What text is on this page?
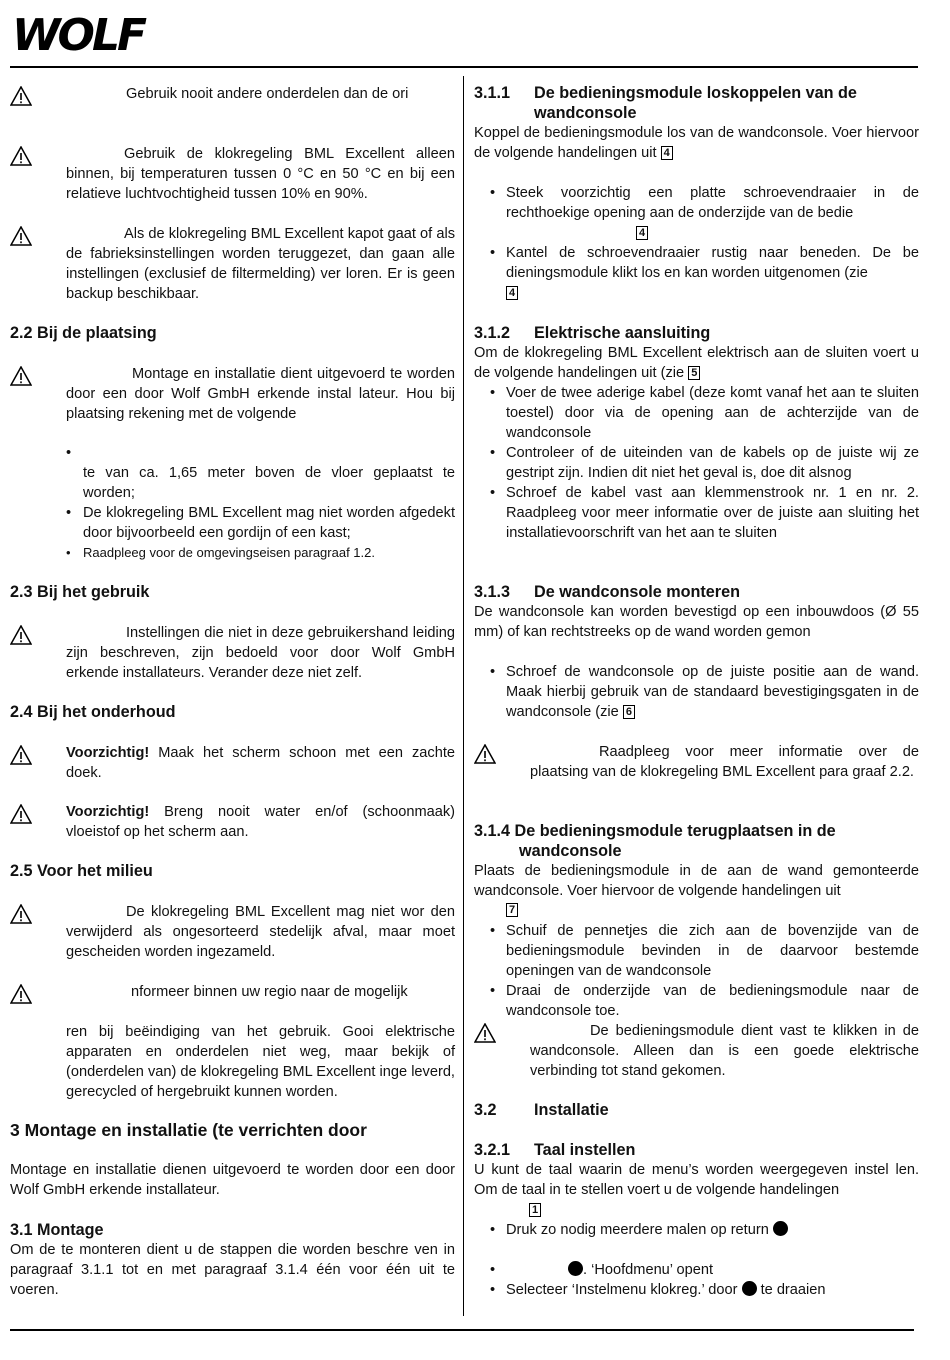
WOLF
Gebruik nooit andere onderdelen dan de ori
Gebruik de klokregeling BML Excellent alleen binnen, bij temperaturen tussen 0 °C en 50 °C en bij een relatieve luchtvochtigheid tussen 10% en 90%.
Als de klokregeling BML Excellent kapot gaat of als de fabrieksinstellingen worden teruggezet, dan gaan alle instellingen (exclusief de filtermelding) ver loren. Er is geen backup beschikbaar.
2.2 Bij de plaatsing
Montage en installatie dient uitgevoerd te worden door een door Wolf GmbH erkende instal lateur. Hou bij plaatsing rekening met de volgende
•
te van ca. 1,65 meter boven de vloer geplaatst te worden;
• De klokregeling BML Excellent mag niet worden afgedekt door bijvoorbeeld een gordijn of een kast;
• Raadpleeg voor de omgevingseisen paragraaf 1.2.
2.3 Bij het gebruik
Instellingen die niet in deze gebruikershand leiding zijn beschreven, zijn bedoeld voor door Wolf GmbH erkende installateurs. Verander deze niet zelf.
2.4 Bij het onderhoud
Voorzichtig! Maak het scherm schoon met een zachte doek.
Voorzichtig! Breng nooit water en/of (schoonmaak) vloeistof op het scherm aan.
2.5 Voor het milieu
De klokregeling BML Excellent mag niet wor den verwijderd als ongesorteerd stedelijk afval, maar moet gescheiden worden ingezameld.
nformeer binnen uw regio naar de mogelijk
ren bij beëindiging van het gebruik. Gooi elektrische apparaten en onderdelen niet weg, maar bekijk of (onderdelen van) de klokregeling BML Excellent inge leverd, gerecycled of hergebruikt kunnen worden.
3 Montage en installatie (te verrichten door
Montage en installatie dienen uitgevoerd te worden door een door Wolf GmbH erkende installateur.
3.1 Montage
Om de te monteren dient u de stappen die worden beschre ven in paragraaf 3.1.1 tot en met paragraaf 3.1.4 één voor één uit te voeren.
3.1.1	De bedieningsmodule loskoppelen van de wandconsole
Koppel de bedieningsmodule los van de wandconsole. Voer hiervoor de volgende handelingen uit 4
• Steek voorzichtig een platte schroevendraaier in de rechthoekige opening aan de onderzijde van de bedie
4
• Kantel de schroevendraaier rustig naar beneden. De be dieningsmodule klikt los en kan worden uitgenomen (zie
4
3.1.2 Elektrische aansluiting
Om de klokregeling BML Excellent elektrisch aan de sluiten voert u de volgende handelingen uit (zie 5
• Voer de twee aderige kabel (deze komt vanaf het aan te sluiten toestel) door via de opening aan de achterzijde van de wandconsole
• Controleer of de uiteinden van de kabels op de juiste wij ze gestript zijn. Indien dit niet het geval is, doe dit alsnog
• Schroef de kabel vast aan klemmenstrook nr. 1 en nr. 2. Raadpleeg voor meer informatie over de juiste aan sluiting het installatievoorschrift van het aan te sluiten
3.1.3 De wandconsole monteren
De wandconsole kan worden bevestigd op een inbouwdoos (Ø 55 mm) of kan rechtstreeks op de wand worden gemon
• Schroef de wandconsole op de juiste positie aan de wand. Maak hierbij gebruik van de standaard bevestigingsgaten in de wandconsole (zie 6
Raadpleeg voor meer informatie over de plaatsing van de klokregeling BML Excellent para graaf 2.2.
3.1.4 De bedieningsmodule terugplaatsen in de
wandconsole
Plaats de bedieningsmodule in de aan de wand gemonteerde wandconsole. Voer hiervoor de volgende handelingen uit
7
• Schuif de pennetjes die zich aan de bovenzijde van de bedieningsmodule bevinden in de daarvoor bestemde openingen van de wandconsole
• Draai de onderzijde van de bedieningsmodule naar de wandconsole toe.
De bedieningsmodule dient vast te klikken in de wandconsole. Alleen dan is een goede elektrische verbinding tot stand gekomen.
3.2 Installatie
3.2.1 Taal instellen
U kunt de taal waarin de menu’s worden weergegeven instel len. Om de taal in te stellen voert u de volgende handelingen
1
• Druk zo nodig meerdere malen op return
• . ‘Hoofdmenu’ opent
• Selecteer ‘Instelmenu klokreg.’ door te draaien
